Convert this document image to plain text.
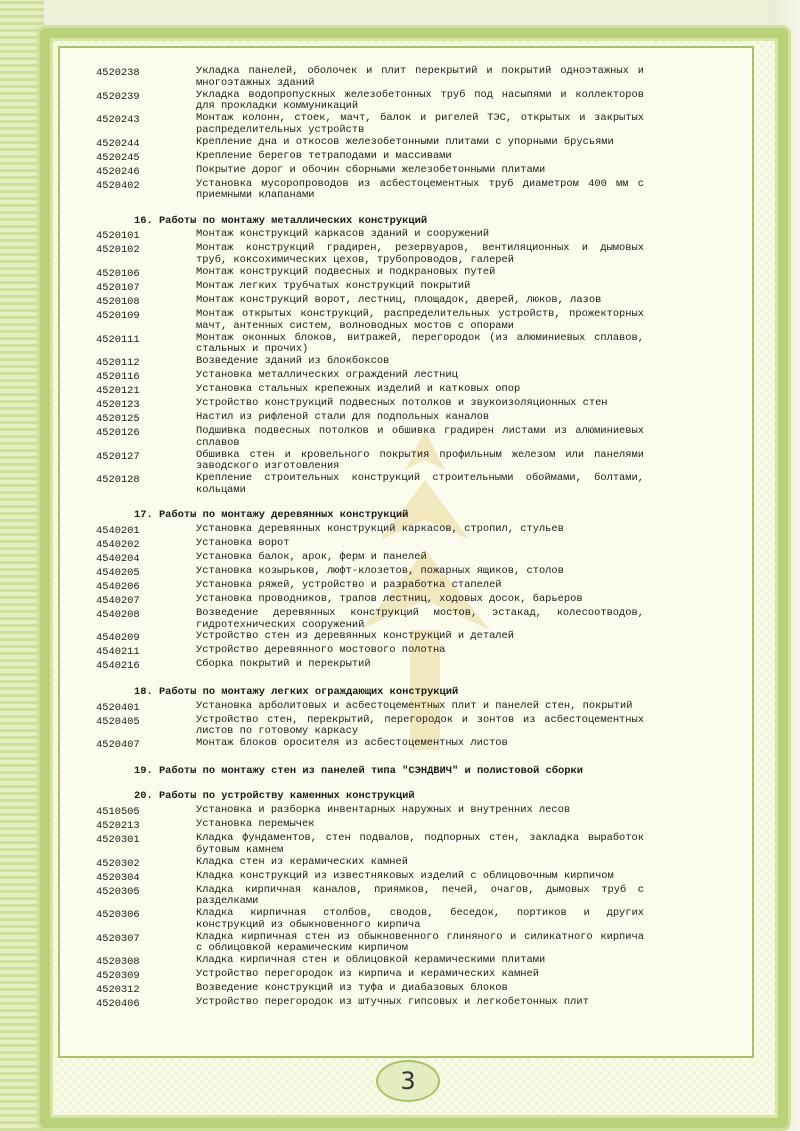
4520238	Укладка панелей, оболочек и плит перекрытий и покрытий одноэтажных и многоэтажных зданий
4520239	Укладка водопропускных железобетонных труб под насыпями и коллекторов для прокладки коммуникаций
4520243	Монтаж колонн, стоек, мачт, балок и ригелей ТЭС, открытых и закрытых распределительных устройств
4520244	Крепление дна и откосов железобетонными плитами с упорными брусьями
4520245	Крепление берегов тетраподами и массивами
4520246	Покрытие дорог и обочин сборными железобетонными плитами
4520402	Установка мусоропроводов из асбестоцементных труб диаметром 400 мм с приемными клапанами
16. Работы по монтажу металлических конструкций
4520101	Монтаж конструкций каркасов зданий и сооружений
4520102	Монтаж конструкций градирен, резервуаров, вентиляционных и дымовых труб, коксохимических цехов, трубопроводов, галерей
4520106	Монтаж конструкций подвесных и подкрановых путей
4520107	Монтаж легких трубчатых конструкций покрытий
4520108	Монтаж конструкций ворот, лестниц, площадок, дверей, люков, лазов
4520109	Монтаж открытых конструкций, распределительных устройств, прожекторных мачт, антенных систем, волноводных мостов с опорами
4520111	Монтаж оконных блоков, витражей, перегородок (из алюминиевых сплавов, стальных и прочих)
4520112	Возведение зданий из блокбоксов
4520116	Установка металлических ограждений лестниц
4520121	Установка стальных крепежных изделий и катковых опор
4520123	Устройство конструкций подвесных потолков и звукоизоляционных стен
4520125	Настил из рифленой стали для подпольных каналов
4520126	Подшивка подвесных потолков и обшивка градирен листами из алюминиевых сплавов
4520127	Обшивка стен и кровельного покрытия профильным железом или панелями заводского изготовления
4520128	Крепление строительных конструкций строительными обоймами, болтами, кольцами
17. Работы по монтажу деревянных конструкций
4540201	Установка деревянных конструкций каркасов, стропил, стульев
4540202	Установка ворот
4540204	Установка балок, арок, ферм и панелей
4540205	Установка козырьков, люфт-клозетов, пожарных ящиков, столов
4540206	Установка ряжей, устройство и разработка стапелей
4540207	Установка проводников, трапов лестниц, ходовых досок, барьеров
4540208	Возведение деревянных конструкций мостов, эстакад, колесоотводов, гидротехнических сооружений
4540209	Устройство стен из деревянных конструкций и деталей
4540211	Устройство деревянного мостового полотна
4540216	Сборка покрытий и перекрытий
18. Работы по монтажу легких ограждающих конструкций
4520401	Установка арболитовых и асбестоцементных плит и панелей стен, покрытий
4520405	Устройство стен, перекрытий, перегородок и зонтов из асбестоцементных листов по готовому каркасу
4520407	Монтаж блоков оросителя из асбестоцементных листов
19. Работы по монтажу стен из панелей типа "СЭНДВИЧ" и полистовой сборки
20. Работы по устройству каменных конструкций
4510505	Установка и разборка инвентарных наружных и внутренних лесов
4520213	Установка перемычек
4520301	Кладка фундаментов, стен подвалов, подпорных стен, закладка выработок бутовым камнем
4520302	Кладка стен из керамических камней
4520304	Кладка конструкций из известняковых изделий с облицовочным кирпичом
4520305	Кладка кирпичная каналов, приямков, печей, очагов, дымовых труб с разделками
4520306	Кладка кирпичная столбов, сводов, беседок, портиков и других конструкций из обыкновенного кирпича
4520307	Кладка кирпичная стен из обыкновенного глиняного и силикатного кирпича с облицовкой керамическим кирпичом
4520308	Кладка кирпичная стен и облицовкой керамическими плитами
4520309	Устройство перегородок из кирпича и керамических камней
4520312	Возведение конструкций из туфа и диабазовых блоков
4520406	Устройство перегородок из штучных гипсовых и легкобетонных плит
3
